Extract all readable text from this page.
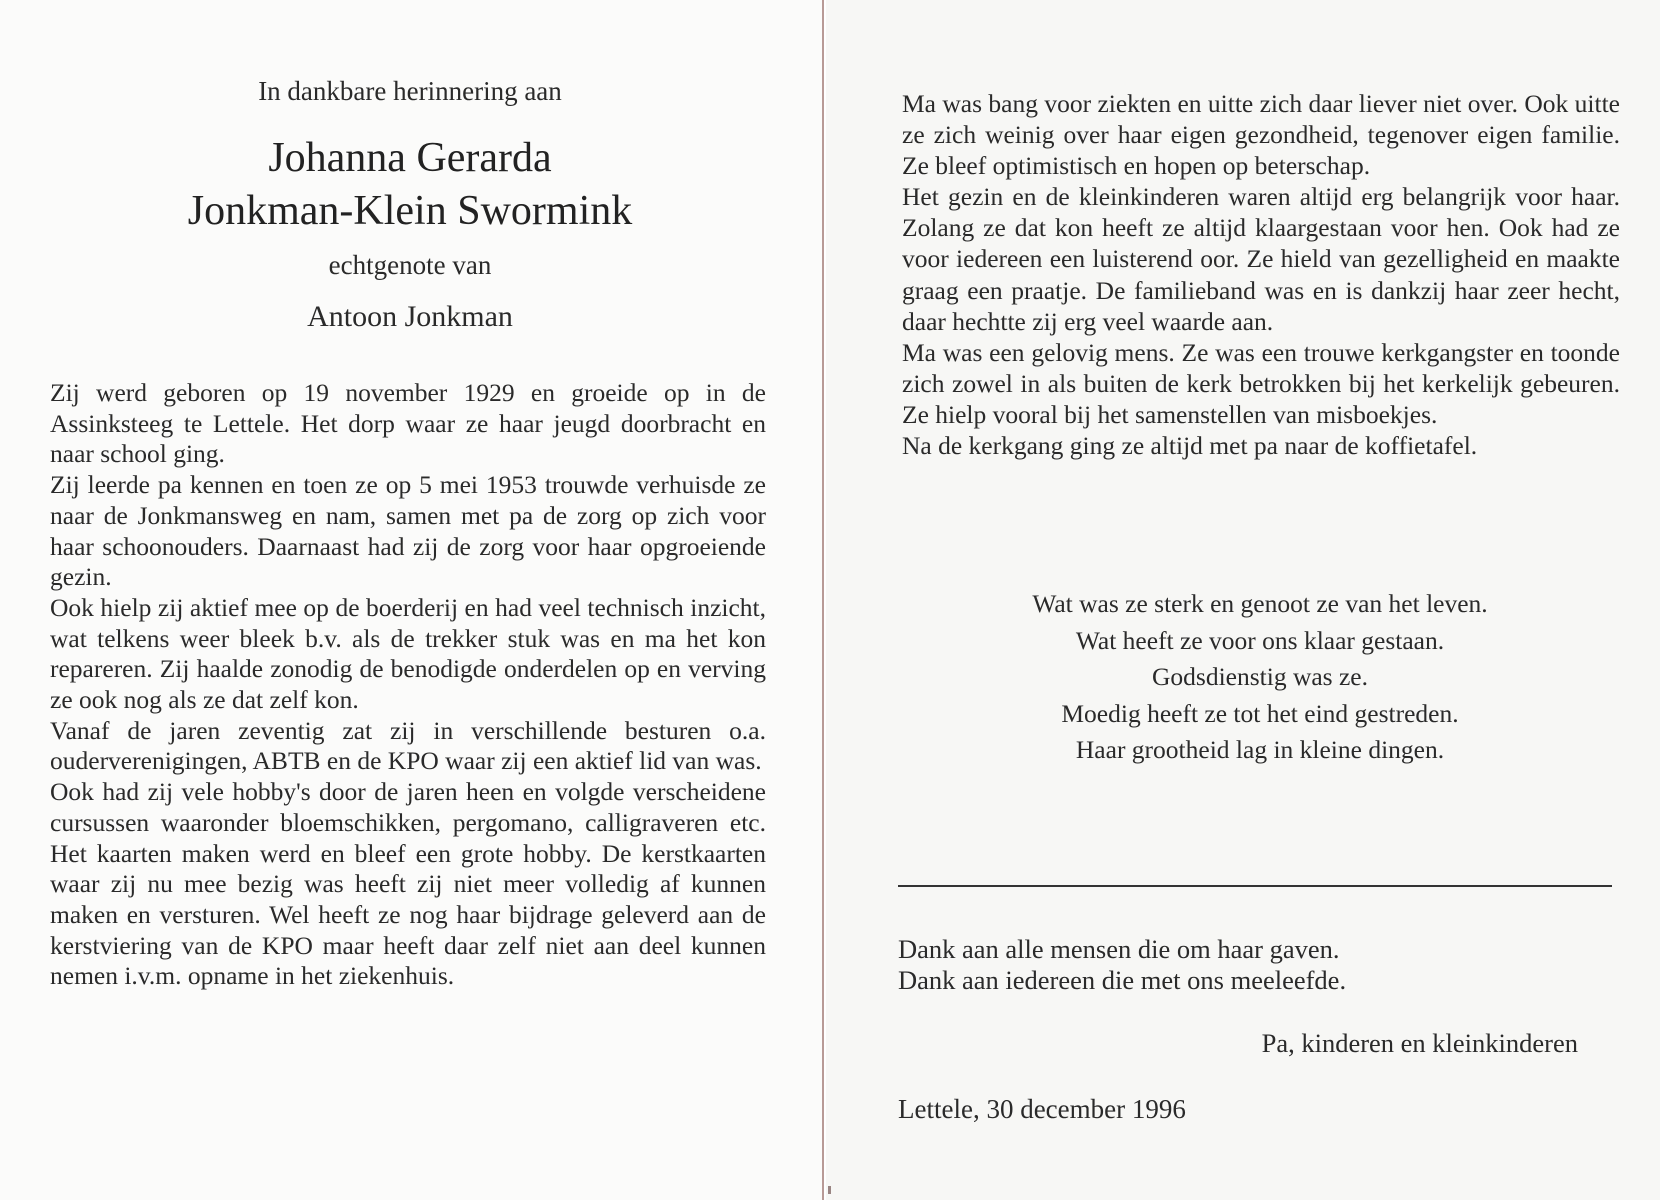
In dankbare herinnering aan
Johanna Gerarda
Jonkman-Klein Swormink
echtgenote van
Antoon Jonkman

Zij werd geboren op 19 november 1929 en groeide op in de Assinksteeg te Lettele. Het dorp waar ze haar jeugd doorbracht en naar school ging.

Zij leerde pa kennen en toen ze op 5 mei 1953 trouwde verhuisde ze naar de Jonkmansweg en nam, samen met pa de zorg op zich voor haar schoonouders. Daarnaast had zij de zorg voor haar opgroeiende gezin.

Ook hielp zij aktief mee op de boerderij en had veel technisch inzicht, wat telkens weer bleek b.v. als de trekker stuk was en ma het kon repareren. Zij haalde zonodig de benodigde onderdelen op en verving ze ook nog als ze dat zelf kon.

Vanaf de jaren zeventig zat zij in verschillende besturen o.a. ouderverenigingen, ABTB en de KPO waar zij een aktief lid van was.

Ook had zij vele hobby's door de jaren heen en volgde verscheidene cursussen waaronder bloemschikken, pergomano, calligraveren etc. Het kaarten maken werd en bleef een grote hobby. De kerstkaarten waar zij nu mee bezig was heeft zij niet meer volledig af kunnen maken en versturen. Wel heeft ze nog haar bijdrage geleverd aan de kerstviering van de KPO maar heeft daar zelf niet aan deel kunnen nemen i.v.m. opname in het ziekenhuis.

Ma was bang voor ziekten en uitte zich daar liever niet over. Ook uitte ze zich weinig over haar eigen gezondheid, tegenover eigen familie. Ze bleef optimistisch en hopen op beterschap.

Het gezin en de kleinkinderen waren altijd erg belangrijk voor haar. Zolang ze dat kon heeft ze altijd klaargestaan voor hen. Ook had ze voor iedereen een luisterend oor. Ze hield van gezelligheid en maakte graag een praatje. De familieband was en is dankzij haar zeer hecht, daar hechtte zij erg veel waarde aan.

Ma was een gelovig mens. Ze was een trouwe kerkgangster en toonde zich zowel in als buiten de kerk betrokken bij het kerkelijk gebeuren. Ze hielp vooral bij het samenstellen van misboekjes.

Na de kerkgang ging ze altijd met pa naar de koffietafel.

Wat was ze sterk en genoot ze van het leven.
Wat heeft ze voor ons klaar gestaan.
Godsdienstig was ze.
Moedig heeft ze tot het eind gestreden.
Haar grootheid lag in kleine dingen.
Dank aan alle mensen die om haar gaven.
Dank aan iedereen die met ons meeleefde.
Pa, kinderen en kleinkinderen
Lettele, 30 december 1996
